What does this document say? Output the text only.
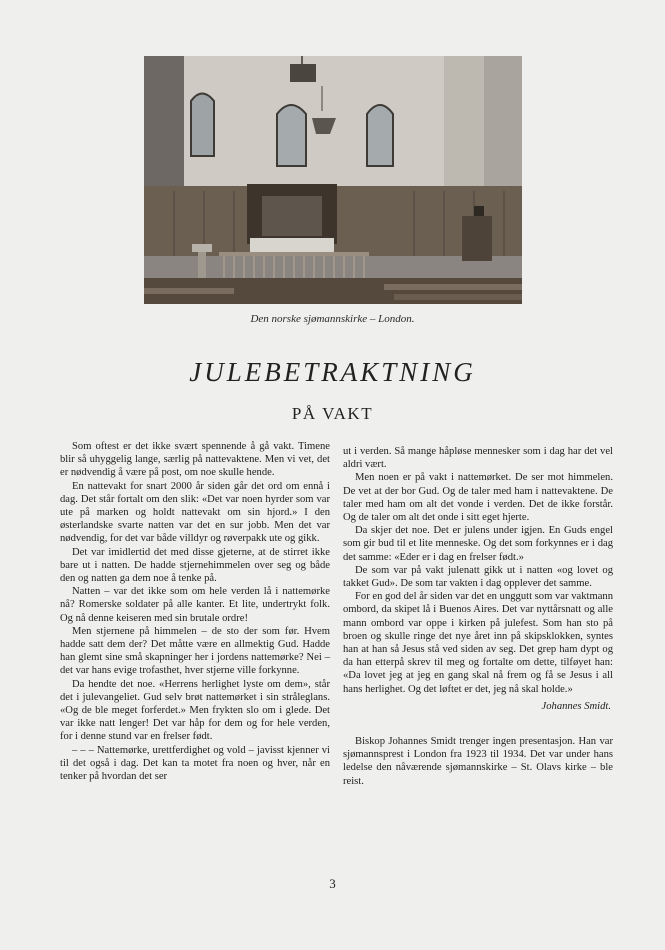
Den norske sjømannskirke – London.
JULEBETRAKTNING
PÅ VAKT

Som oftest er det ikke svært spennende å gå vakt. Timene blir så uhyggelig lange, særlig på nattevaktene. Men vi vet, det er nødvendig å være på post, om noe skulle hende.

En nattevakt for snart 2000 år siden går det ord om ennå i dag. Det står fortalt om den slik: «Det var noen hyrder som var ute på marken og holdt nattevakt om sin hjord.» I den østerlandske svarte natten var det en sur jobb. Men det var nødvendig, for det var både villdyr og røverpakk ute og gikk.

Det var imidlertid det med disse gjeterne, at de stirret ikke bare ut i natten. De hadde stjernehimmelen over seg og både den og natten ga dem noe å tenke på.

Natten – var det ikke som om hele verden lå i nattemørke nå? Romerske soldater på alle kanter. Et lite, undertrykt folk. Og nå denne keiseren med sin brutale ordre!

Men stjernene på himmelen – de sto der som før. Hvem hadde satt dem der? Det måtte være en allmektig Gud. Hadde han glemt sine små skapninger her i jordens nattemørke? Nei – det var hans evige trofasthet, hver stjerne ville forkynne.

Da hendte det noe. «Herrens herlighet lyste om dem», står det i julevangeliet. Gud selv brøt nattemørket i sin stråleglans. «Og de ble meget forferdet.» Men frykten slo om i glede. Det var ikke natt lenger! Det var håp for dem og for hele verden, for i denne stund var en frelser født.

– – – Nattemørke, urettferdighet og vold – javisst kjenner vi til det også i dag. Det kan ta motet fra noen og hver, når en tenker på hvordan det ser

ut i verden. Så mange håpløse mennesker som i dag har det vel aldri vært.

Men noen er på vakt i nattemørket. De ser mot himmelen. De vet at der bor Gud. Og de taler med ham i nattevaktene. De taler med ham om alt det vonde i verden. Det de ikke forstår. Og de taler om alt det onde i sitt eget hjerte.

Da skjer det noe. Det er julens under igjen. En Guds engel som gir bud til et lite menneske. Og det som forkynnes er i dag det samme: «Eder er i dag en frelser født.»

De som var på vakt julenatt gikk ut i natten «og lovet og takket Gud». De som tar vakten i dag opplever det samme.

For en god del år siden var det en unggutt som var vaktmann ombord, da skipet lå i Buenos Aires. Det var nyttårsnatt og alle mann ombord var oppe i kirken på julefest. Som han sto på broen og skulle ringe det nye året inn på skipsklokken, syntes han at han så Jesus stå ved siden av seg. Det grep ham dypt og da han etterpå skrev til meg og fortalte om dette, tilføyet han: «Da lovet jeg at jeg en gang skal nå frem og få se Jesus i all hans herlighet. Og det løftet er det, jeg nå skal holde.»

Johannes Smidt.

Biskop Johannes Smidt trenger ingen presentasjon. Han var sjømannsprest i London fra 1923 til 1934. Det var under hans ledelse den nåværende sjømannskirke – St. Olavs kirke – ble reist.

3
